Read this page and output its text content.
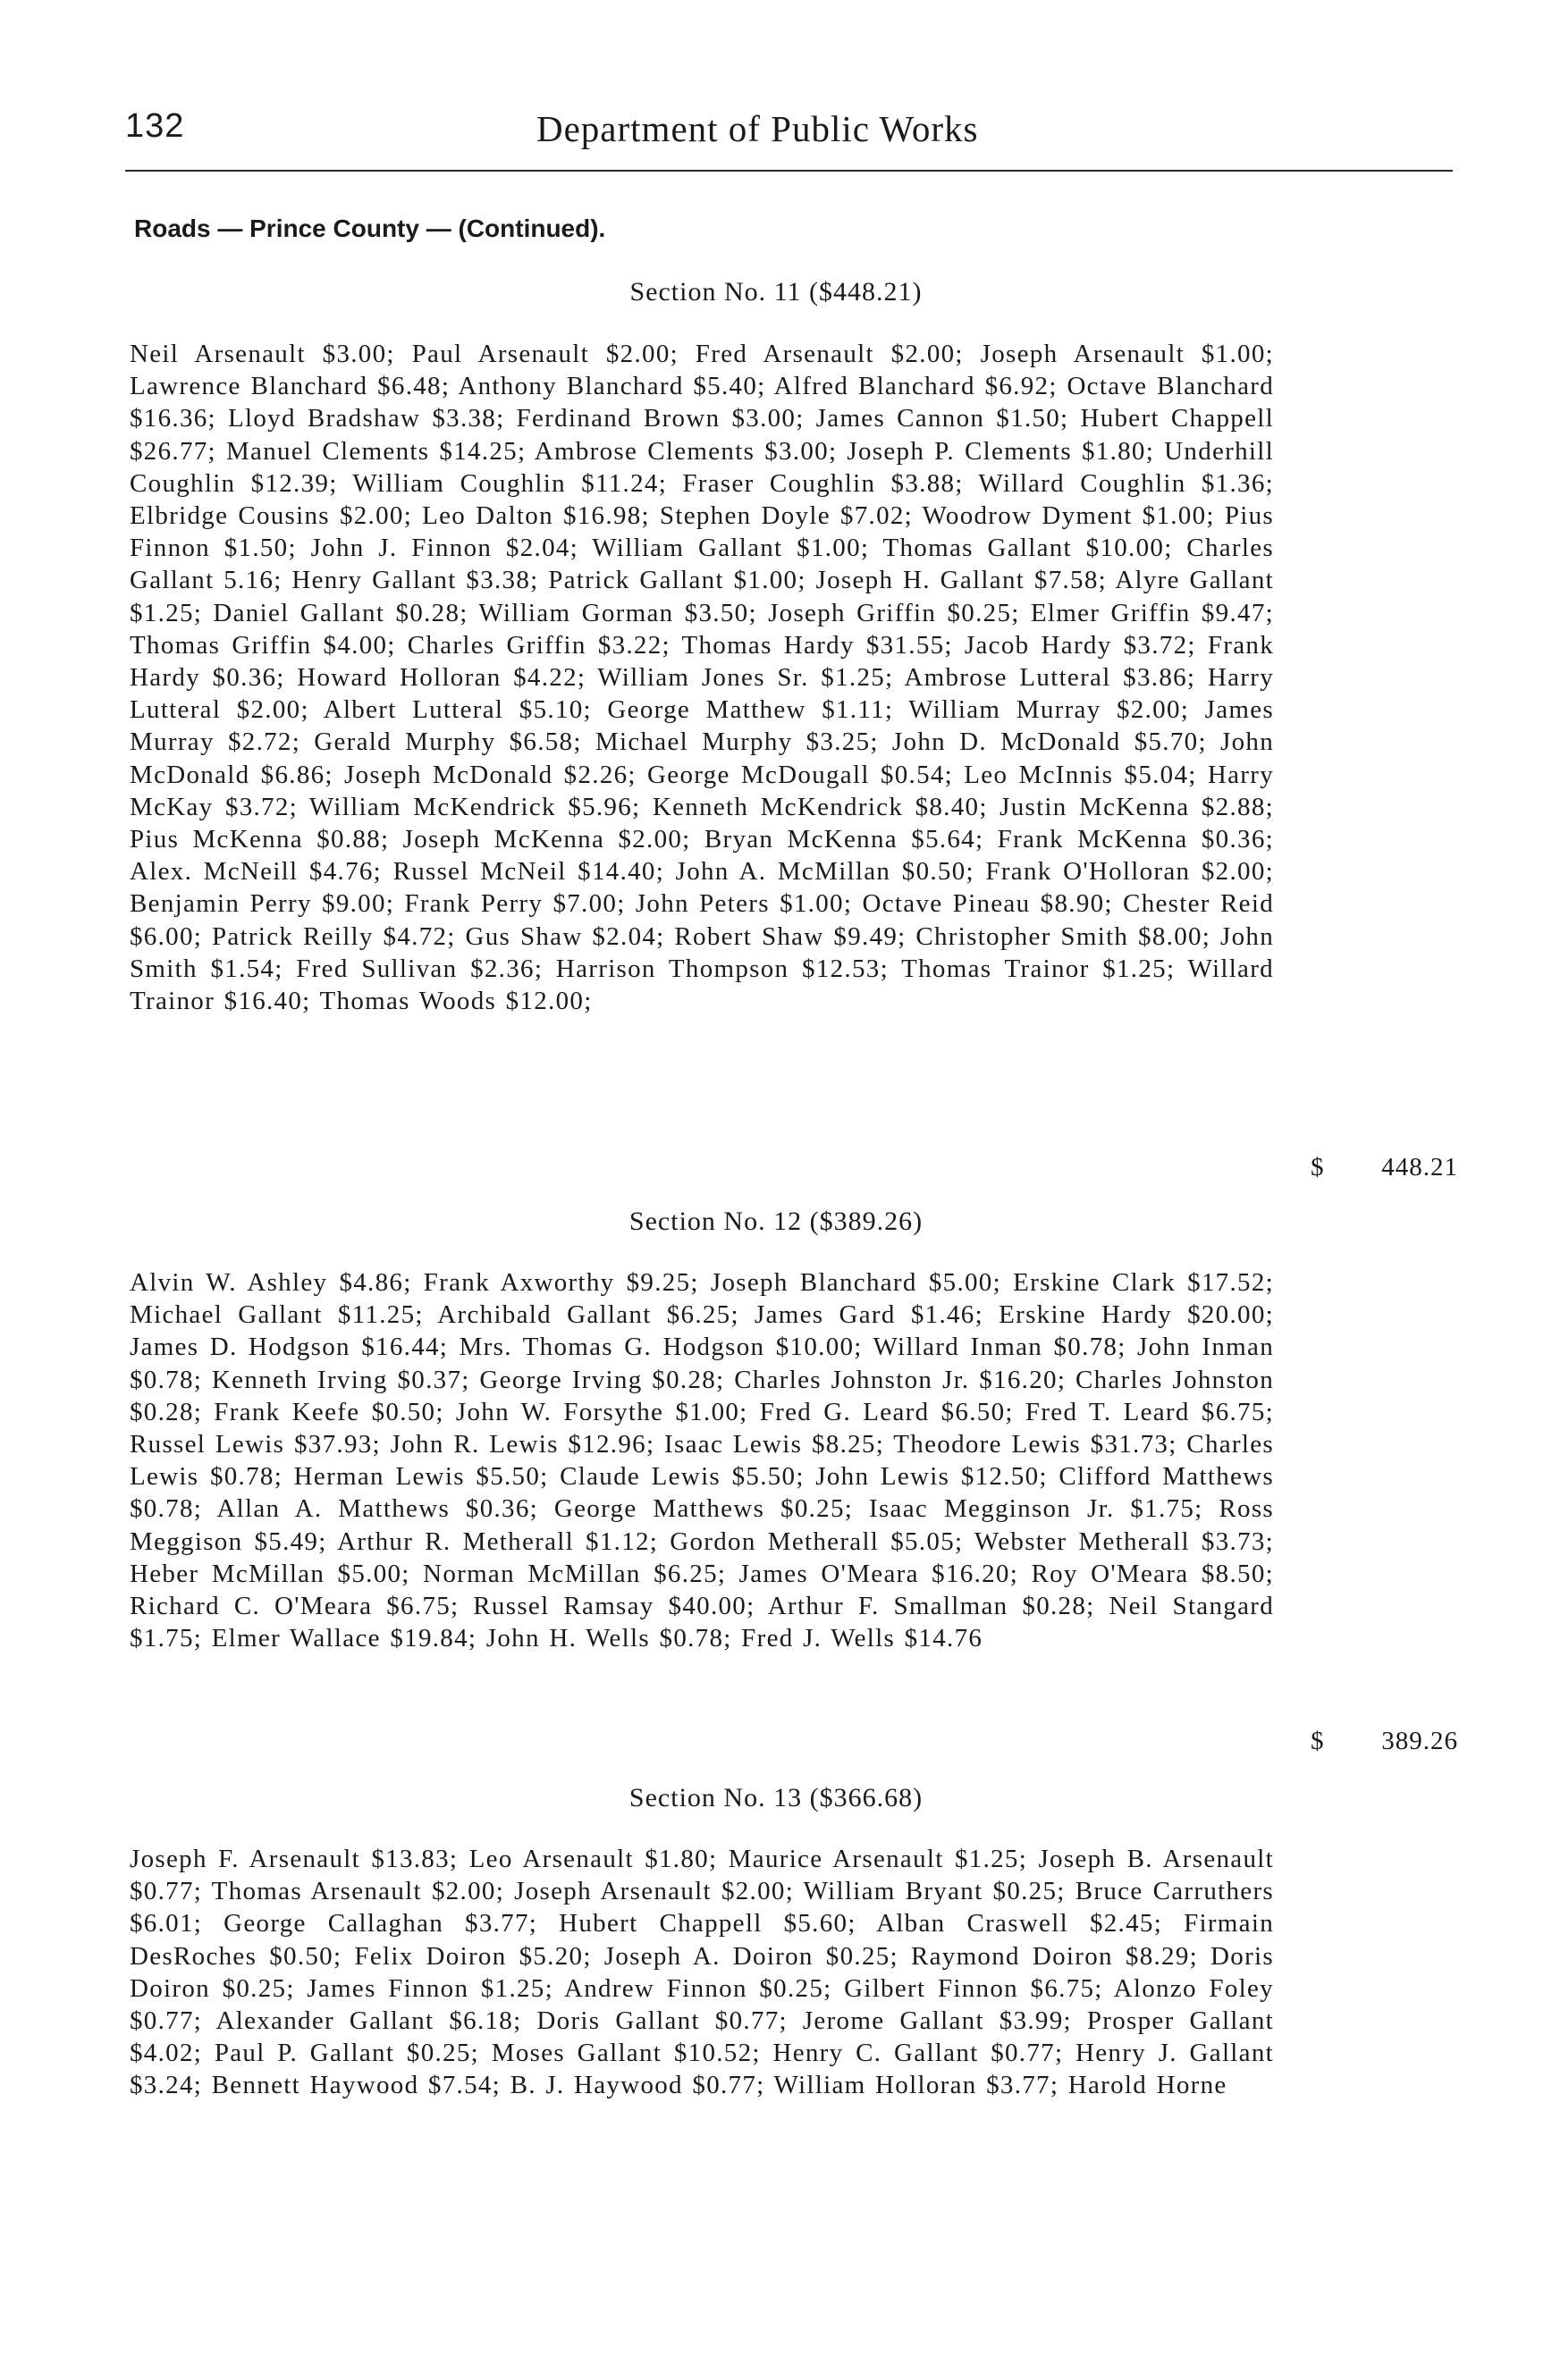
132	Department of Public Works
Roads — Prince County — (Continued).
Section No. 11 ($448.21)

Neil Arsenault $3.00; Paul Arsenault $2.00; Fred Arsenault $2.00; Joseph Arsenault $1.00; Lawrence Blanchard $6.48; Anthony Blanchard $5.40; Alfred Blanchard $6.92; Octave Blanchard $16.36; Lloyd Bradshaw $3.38; Ferdinand Brown $3.00; James Cannon $1.50; Hubert Chappell $26.77; Manuel Clements $14.25; Ambrose Clements $3.00; Joseph P. Clements $1.80; Underhill Coughlin $12.39; William Coughlin $11.24; Fraser Coughlin $3.88; Willard Coughlin $1.36; Elbridge Cousins $2.00; Leo Dalton $16.98; Stephen Doyle $7.02; Woodrow Dyment $1.00; Pius Finnon $1.50; John J. Finnon $2.04; William Gallant $1.00; Thomas Gallant $10.00; Charles Gallant 5.16; Henry Gallant $3.38; Patrick Gallant $1.00; Joseph H. Gallant $7.58; Alyre Gallant $1.25; Daniel Gallant $0.28; William Gorman $3.50; Joseph Griffin $0.25; Elmer Griffin $9.47; Thomas Griffin $4.00; Charles Griffin $3.22; Thomas Hardy $31.55; Jacob Hardy $3.72; Frank Hardy $0.36; Howard Holloran $4.22; William Jones Sr. $1.25; Ambrose Lutteral $3.86; Harry Lutteral $2.00; Albert Lutteral $5.10; George Matthew $1.11; William Murray $2.00; James Murray $2.72; Gerald Murphy $6.58; Michael Murphy $3.25; John D. McDonald $5.70; John McDonald $6.86; Joseph McDonald $2.26; George McDougall $0.54; Leo McInnis $5.04; Harry McKay $3.72; William McKendrick $5.96; Kenneth McKendrick $8.40; Justin McKenna $2.88; Pius McKenna $0.88; Joseph McKenna $2.00; Bryan McKenna $5.64; Frank McKenna $0.36; Alex. McNeill $4.76; Russel McNeil $14.40; John A. McMillan $0.50; Frank O'Holloran $2.00; Benjamin Perry $9.00; Frank Perry $7.00; John Peters $1.00; Octave Pineau $8.90; Chester Reid $6.00; Patrick Reilly $4.72; Gus Shaw $2.04; Robert Shaw $9.49; Christopher Smith $8.00; John Smith $1.54; Fred Sullivan $2.36; Harrison Thompson $12.53; Thomas Trainor $1.25; Willard Trainor $16.40; Thomas Woods $12.00;

$ 448.21
Section No. 12 ($389.26)

Alvin W. Ashley $4.86; Frank Axworthy $9.25; Joseph Blanchard $5.00; Erskine Clark $17.52; Michael Gallant $11.25; Archibald Gallant $6.25; James Gard $1.46; Erskine Hardy $20.00; James D. Hodgson $16.44; Mrs. Thomas G. Hodgson $10.00; Willard Inman $0.78; John Inman $0.78; Kenneth Irving $0.37; George Irving $0.28; Charles Johnston Jr. $16.20; Charles Johnston $0.28; Frank Keefe $0.50; John W. Forsythe $1.00; Fred G. Leard $6.50; Fred T. Leard $6.75; Russel Lewis $37.93; John R. Lewis $12.96; Isaac Lewis $8.25; Theodore Lewis $31.73; Charles Lewis $0.78; Herman Lewis $5.50; Claude Lewis $5.50; John Lewis $12.50; Clifford Matthews $0.78; Allan A. Matthews $0.36; George Matthews $0.25; Isaac Megginson Jr. $1.75; Ross Meggison $5.49; Arthur R. Metherall $1.12; Gordon Metherall $5.05; Webster Metherall $3.73; Heber McMillan $5.00; Norman McMillan $6.25; James O'Meara $16.20; Roy O'Meara $8.50; Richard C. O'Meara $6.75; Russel Ramsay $40.00; Arthur F. Smallman $0.28; Neil Stangard $1.75; Elmer Wallace $19.84; John H. Wells $0.78; Fred J. Wells $14.76

$ 389.26
Section No. 13 ($366.68)

Joseph F. Arsenault $13.83; Leo Arsenault $1.80; Maurice Arsenault $1.25; Joseph B. Arsenault $0.77; Thomas Arsenault $2.00; Joseph Arsenault $2.00; William Bryant $0.25; Bruce Carruthers $6.01; George Callaghan $3.77; Hubert Chappell $5.60; Alban Craswell $2.45; Firmain DesRoches $0.50; Felix Doiron $5.20; Joseph A. Doiron $0.25; Raymond Doiron $8.29; Doris Doiron $0.25; James Finnon $1.25; Andrew Finnon $0.25; Gilbert Finnon $6.75; Alonzo Foley $0.77; Alexander Gallant $6.18; Doris Gallant $0.77; Jerome Gallant $3.99; Prosper Gallant $4.02; Paul P. Gallant $0.25; Moses Gallant $10.52; Henry C. Gallant $0.77; Henry J. Gallant $3.24; Bennett Haywood $7.54; B. J. Haywood $0.77; William Holloran $3.77; Harold Horne
